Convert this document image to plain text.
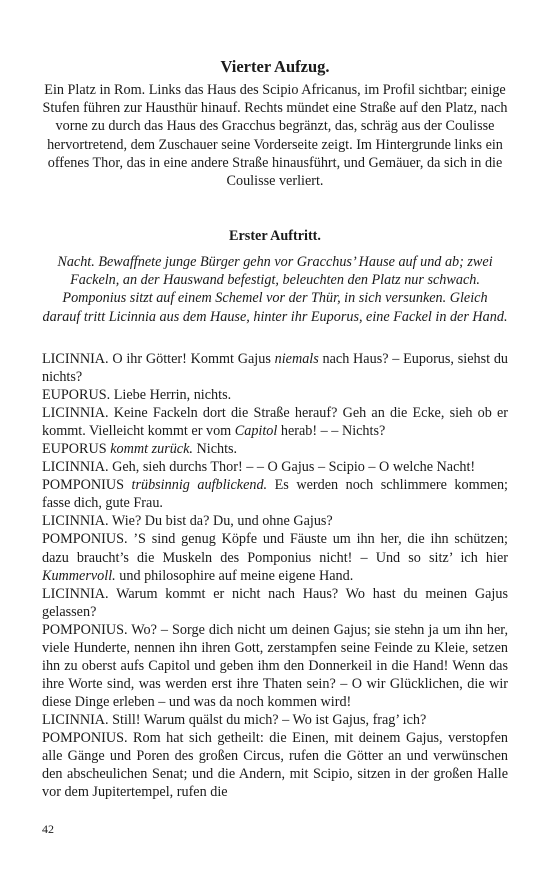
Vierter Aufzug.
Ein Platz in Rom. Links das Haus des Scipio Africanus, im Profil sichtbar; einige Stufen führen zur Hausthür hinauf. Rechts mündet eine Straße auf den Platz, nach vorne zu durch das Haus des Gracchus begränzt, das, schräg aus der Coulisse hervortretend, dem Zuschauer seine Vorderseite zeigt. Im Hintergrunde links ein offenes Thor, das in eine andere Straße hinausführt, und Gemäuer, da sich in die Coulisse verliert.
Erster Auftritt.
Nacht. Bewaffnete junge Bürger gehn vor Gracchus’ Hause auf und ab; zwei Fackeln, an der Hauswand befestigt, beleuchten den Platz nur schwach. Pomponius sitzt auf einem Schemel vor der Thür, in sich versunken. Gleich darauf tritt Licinnia aus dem Hause, hinter ihr Euporus, eine Fackel in der Hand.

LICINNIA. O ihr Götter! Kommt Gajus niemals nach Haus? – Euporus, siehst du nichts?

EUPORUS. Liebe Herrin, nichts.

LICINNIA. Keine Fackeln dort die Straße herauf? Geh an die Ecke, sieh ob er kommt. Vielleicht kommt er vom Capitol herab! – – Nichts?

EUPORUS kommt zurück. Nichts.

LICINNIA. Geh, sieh durchs Thor! – – O Gajus – Scipio – O welche Nacht!

POMPONIUS trübsinnig aufblickend. Es werden noch schlimmere kommen; fasse dich, gute Frau.

LICINNIA. Wie? Du bist da? Du, und ohne Gajus?

POMPONIUS. ’S sind genug Köpfe und Fäuste um ihn her, die ihn schützen; dazu braucht’s die Muskeln des Pomponius nicht! – Und so sitz’ ich hier Kummervoll. und philosophire auf meine eigene Hand.

LICINNIA. Warum kommt er nicht nach Haus? Wo hast du meinen Gajus gelassen?

POMPONIUS. Wo? – Sorge dich nicht um deinen Gajus; sie stehn ja um ihn her, viele Hunderte, nennen ihn ihren Gott, zerstampfen seine Feinde zu Kleie, setzen ihn zu oberst aufs Capitol und geben ihm den Donnerkeil in die Hand! Wenn das ihre Worte sind, was werden erst ihre Thaten sein? – O wir Glücklichen, die wir diese Dinge erleben – und was da noch kommen wird!

LICINNIA. Still! Warum quälst du mich? – Wo ist Gajus, frag’ ich?

POMPONIUS. Rom hat sich getheilt: die Einen, mit deinem Gajus, verstopfen alle Gänge und Poren des großen Circus, rufen die Götter an und verwünschen den abscheulichen Senat; und die Andern, mit Scipio, sitzen in der großen Halle vor dem Jupitertempel, rufen die

42
